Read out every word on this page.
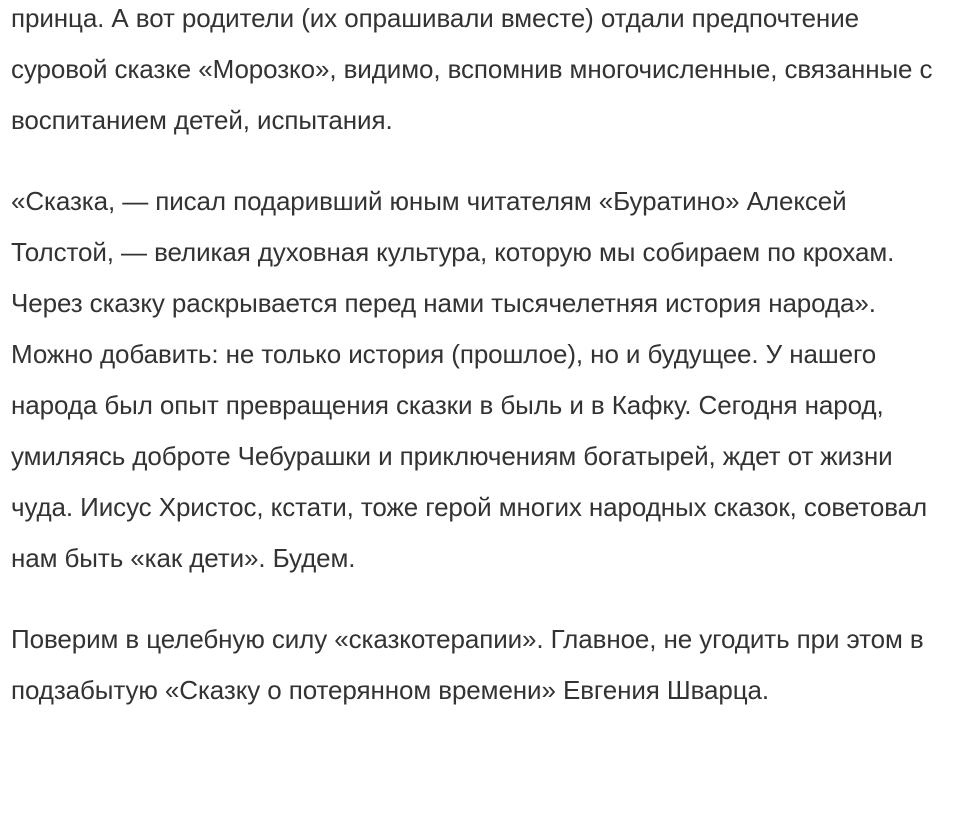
принца. А вот родители (их опрашивали вместе) отдали предпочтение суровой сказке «Морозко», видимо, вспомнив многочисленные, связанные с воспитанием детей, испытания.

«Сказка, — писал подаривший юным читателям «Буратино» Алексей Толстой, — великая духовная культура, которую мы собираем по крохам. Через сказку раскрывается перед нами тысячелетняя история народа». Можно добавить: не только история (прошлое), но и будущее. У нашего народа был опыт превращения сказки в быль и в Кафку. Сегодня народ, умиляясь доброте Чебурашки и приключениям богатырей, ждет от жизни чуда. Иисус Христос, кстати, тоже герой многих народных сказок, советовал нам быть «как дети». Будем.

Поверим в целебную силу «сказкотерапии». Главное, не угодить при этом в подзабытую «Сказку о потерянном времени» Евгения Шварца.
